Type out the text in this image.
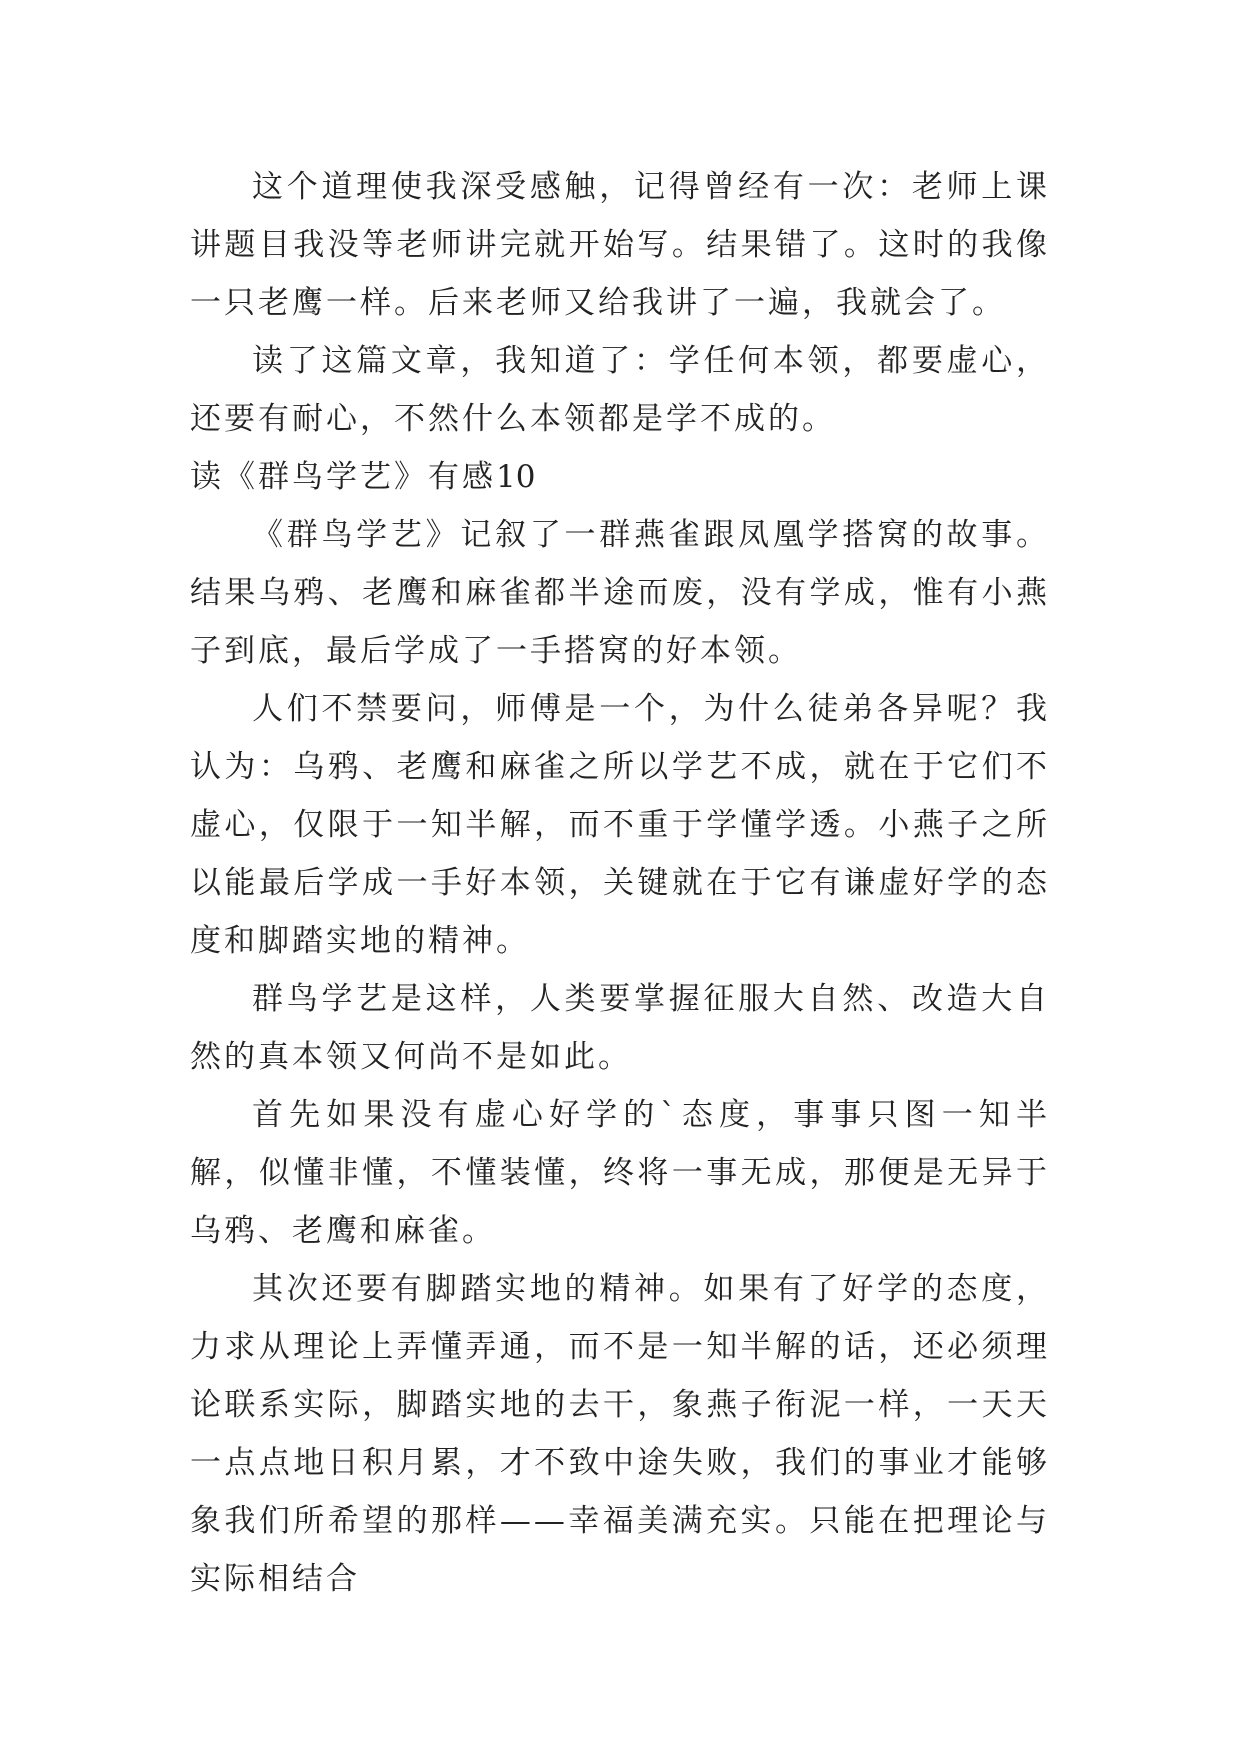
这个道理使我深受感触，记得曾经有一次：老师上课讲题目我没等老师讲完就开始写。结果错了。这时的我像一只老鹰一样。后来老师又给我讲了一遍，我就会了。

读了这篇文章，我知道了：学任何本领，都要虚心，还要有耐心，不然什么本领都是学不成的。

读《群鸟学艺》有感10

《群鸟学艺》记叙了一群燕雀跟凤凰学搭窝的故事。结果乌鸦、老鹰和麻雀都半途而废，没有学成，惟有小燕子到底，最后学成了一手搭窝的好本领。

人们不禁要问，师傅是一个，为什么徒弟各异呢？我认为：乌鸦、老鹰和麻雀之所以学艺不成，就在于它们不虚心，仅限于一知半解，而不重于学懂学透。小燕子之所以能最后学成一手好本领，关键就在于它有谦虚好学的态度和脚踏实地的精神。

群鸟学艺是这样，人类要掌握征服大自然、改造大自然的真本领又何尚不是如此。

首先如果没有虚心好学的`态度，事事只图一知半解，似懂非懂，不懂装懂，终将一事无成，那便是无异于乌鸦、老鹰和麻雀。

其次还要有脚踏实地的精神。如果有了好学的态度，力求从理论上弄懂弄通，而不是一知半解的话，还必须理论联系实际，脚踏实地的去干，象燕子衔泥一样，一天天一点点地日积月累，才不致中途失败，我们的事业才能够象我们所希望的那样——幸福美满充实。只能在把理论与实际相结合
